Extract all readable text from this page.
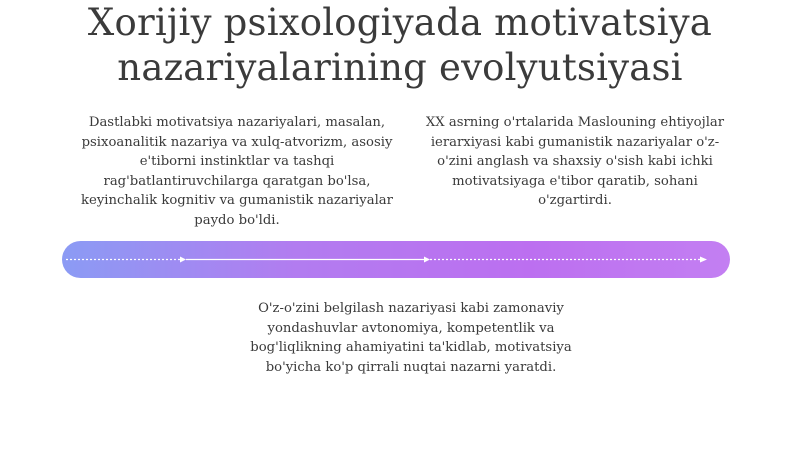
Xorijiy psixologiyada motivatsiya nazariyalarining evolyutsiyasi
Dastlabki motivatsiya nazariyalari, masalan, psixoanalitik nazariya va xulq-atvorizm, asosiy e'tiborni instinktlar va tashqi rag'batlantiruvchilarga qaratgan bo'lsa, keyinchalik kognitiv va gumanistik nazariyalar paydo bo'ldi.
XX asrning o'rtalarida Maslouning ehtiyojlar ierarxiyasi kabi gumanistik nazariyalar o'z-o'zini anglash va shaxsiy o'sish kabi ichki motivatsiyaga e'tibor qaratib, sohani o'zgartirdi.
O'z-o'zini belgilash nazariyasi kabi zamonaviy yondashuvlar avtonomiya, kompetentlik va bog'liqlikning ahamiyatini ta'kidlab, motivatsiya bo'yicha ko'p qirrali nuqtai nazarni yaratdi.
